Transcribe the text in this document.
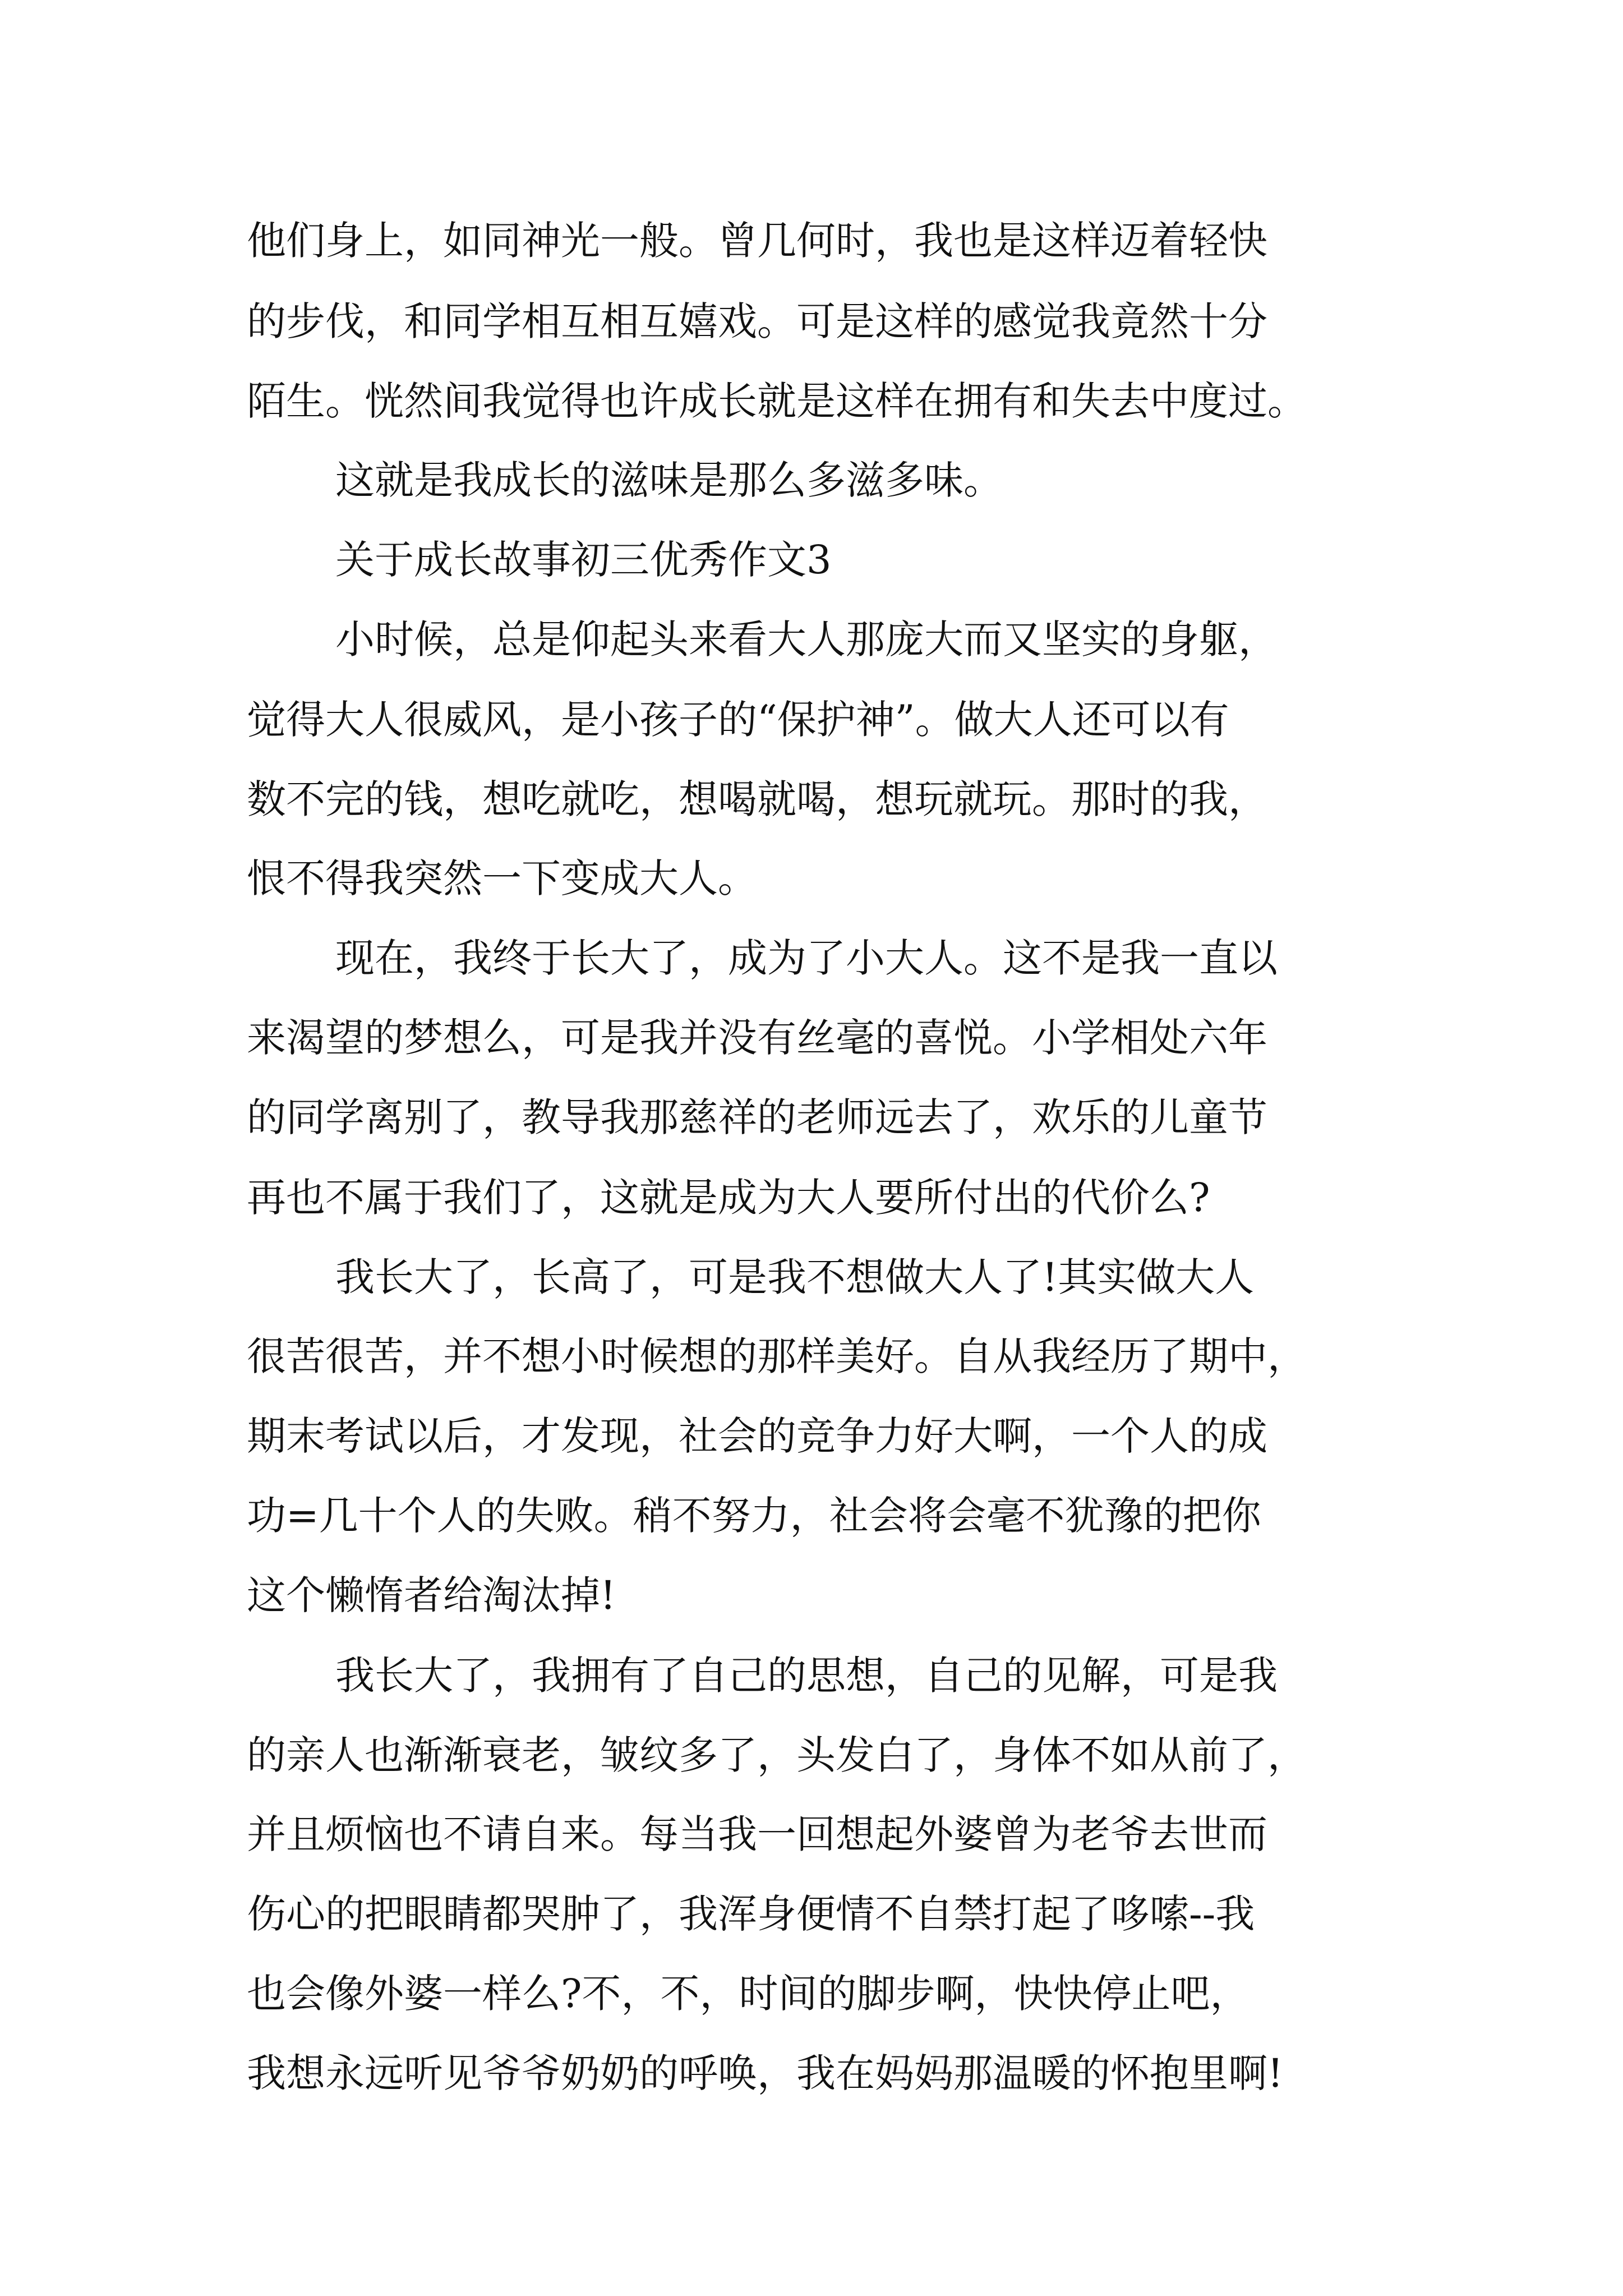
他们身上，如同神光一般。曾几何时，我也是这样迈着轻快
的步伐，和同学相互相互嬉戏。可是这样的感觉我竟然十分
陌生。恍然间我觉得也许成长就是这样在拥有和失去中度过。
这就是我成长的滋味是那么多滋多味。
关于成长故事初三优秀作文3
小时候，总是仰起头来看大人那庞大而又坚实的身躯，
觉得大人很威风，是小孩子的“保护神”。做大人还可以有
数不完的钱，想吃就吃，想喝就喝，想玩就玩。那时的我，
恨不得我突然一下变成大人。
现在，我终于长大了，成为了小大人。这不是我一直以
来渴望的梦想么，可是我并没有丝毫的喜悦。小学相处六年
的同学离别了，教导我那慈祥的老师远去了，欢乐的儿童节
再也不属于我们了，这就是成为大人要所付出的代价么?
我长大了，长高了，可是我不想做大人了!其实做大人
很苦很苦，并不想小时候想的那样美好。自从我经历了期中，
期末考试以后，才发现，社会的竞争力好大啊，一个人的成
功=几十个人的失败。稍不努力，社会将会毫不犹豫的把你
这个懒惰者给淘汰掉!
我长大了，我拥有了自己的思想，自己的见解，可是我
的亲人也渐渐衰老，皱纹多了，头发白了，身体不如从前了，
并且烦恼也不请自来。每当我一回想起外婆曾为老爷去世而
伤心的把眼睛都哭肿了，我浑身便情不自禁打起了哆嗦--我
也会像外婆一样么?不，不，时间的脚步啊，快快停止吧，
我想永远听见爷爷奶奶的呼唤，我在妈妈那温暖的怀抱里啊!
